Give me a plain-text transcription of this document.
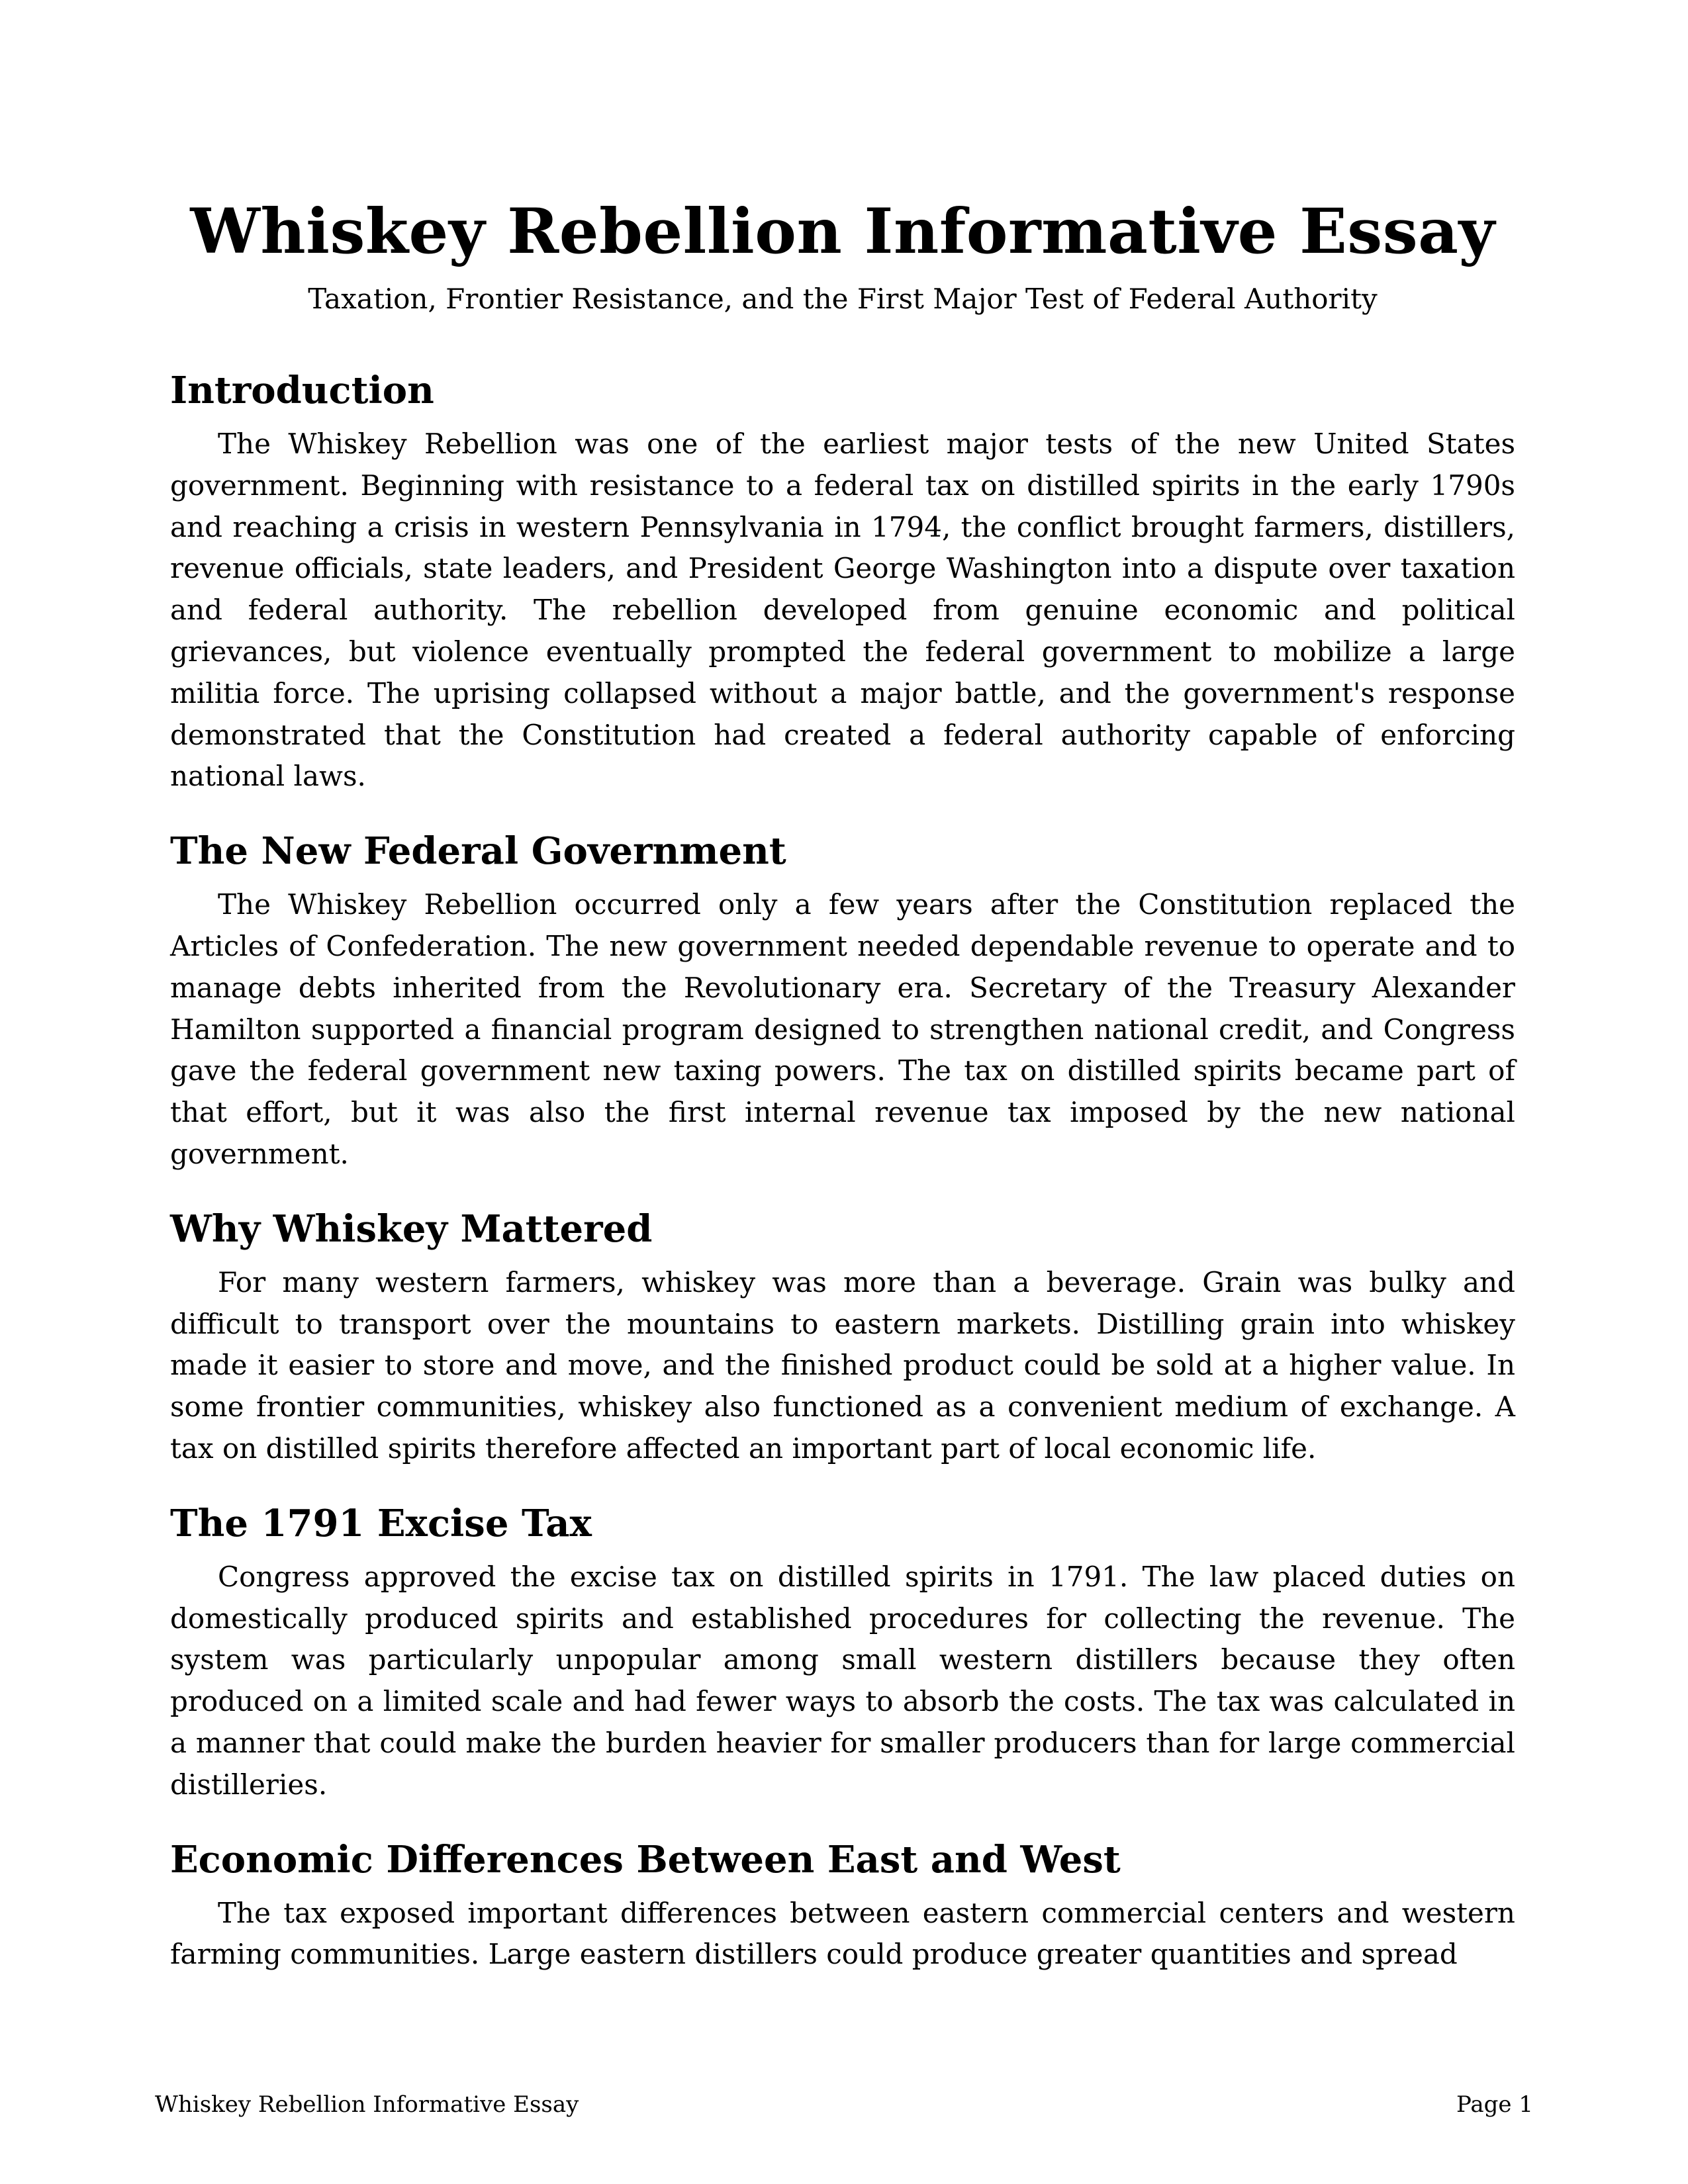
Whiskey Rebellion Informative Essay

Taxation, Frontier Resistance, and the First Major Test of Federal Authority

Introduction

The Whiskey Rebellion was one of the earliest major tests of the new United States government. Beginning with resistance to a federal tax on distilled spirits in the early 1790s and reaching a crisis in western Pennsylvania in 1794, the conflict brought farmers, distillers, revenue officials, state leaders, and President George Washington into a dispute over taxation and federal authority. The rebellion developed from genuine economic and political grievances, but violence eventually prompted the federal government to mobilize a large militia force. The uprising collapsed without a major battle, and the government's response demonstrated that the Constitution had created a federal authority capable of enforcing national laws.

The New Federal Government

The Whiskey Rebellion occurred only a few years after the Constitution replaced the Articles of Confederation. The new government needed dependable revenue to operate and to manage debts inherited from the Revolutionary era. Secretary of the Treasury Alexander Hamilton supported a financial program designed to strengthen national credit, and Congress gave the federal government new taxing powers. The tax on distilled spirits became part of that effort, but it was also the first internal revenue tax imposed by the new national government.

Why Whiskey Mattered

For many western farmers, whiskey was more than a beverage. Grain was bulky and difficult to transport over the mountains to eastern markets. Distilling grain into whiskey made it easier to store and move, and the finished product could be sold at a higher value. In some frontier communities, whiskey also functioned as a convenient medium of exchange. A tax on distilled spirits therefore affected an important part of local economic life.

The 1791 Excise Tax

Congress approved the excise tax on distilled spirits in 1791. The law placed duties on domestically produced spirits and established procedures for collecting the revenue. The system was particularly unpopular among small western distillers because they often produced on a limited scale and had fewer ways to absorb the costs. The tax was calculated in a manner that could make the burden heavier for smaller producers than for large commercial distilleries.

Economic Differences Between East and West

The tax exposed important differences between eastern commercial centers and western farming communities. Large eastern distillers could produce greater quantities and spread

Whiskey Rebellion Informative Essay	Page 1
